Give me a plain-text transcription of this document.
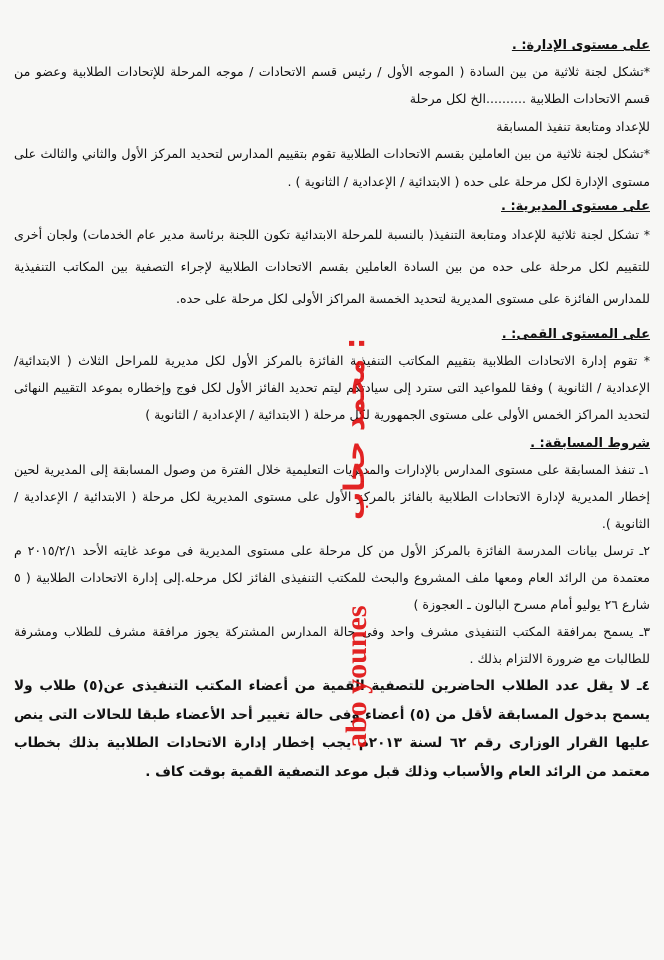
على مستوى الإدارة: .

*تشكل لجنة ثلاثية من بين السادة ( الموجه الأول / رئيس قسم الاتحادات / موجه المرحلة للإتحادات الطلابية وعضو من قسم الاتحادات الطلابية ..........الخ لكل مرحلة

للإعداد ومتابعة تنفيذ المسابقة

*تشكل لجنة ثلاثية من بين العاملين بقسم الاتحادات الطلابية تقوم بتقييم المدارس لتحديد المركز الأول والثاني والثالث على مستوى الإدارة لكل مرحلة على حده ( الابتدائية / الإعدادية / الثانوية ) .

على مستوى المديرية: .

* تشكل لجنة ثلاثية للإعداد ومتابعة التنفيذ( بالنسبة للمرحلة الابتدائية تكون اللجنة برئاسة مدير عام الخدمات) ولجان أخرى للتقييم لكل مرحلة على حده من بين السادة العاملين بقسم الاتحادات الطلابية لإجراء التصفية بين المكاتب التنفيذية للمدارس الفائزة على مستوى المديرية لتحديد الخمسة المراكز الأولى لكل مرحلة على حده.

على المستوى القمى: .

* تقوم إدارة الاتحادات الطلابية بتقييم المكاتب التنفيذية الفائزة بالمركز الأول لكل مديرية للمراحل الثلاث ( الابتدائية/الإعدادية / الثانوية ) وفقا للمواعيد التى سترد إلى سيادتكم ليتم تحديد الفائز الأول لكل فوج وإخطاره بموعد التقييم النهائى لتحديد المراكز الخمس الأولى على مستوى الجمهورية لكل مرحلة ( الابتدائية / الإعدادية / الثانوية )

شروط المسابقة: .

١ـ تنفذ المسابقة على مستوى المدارس بالإدارات والمديريات التعليمية خلال الفترة من وصول المسابقة إلى المديرية لحين إخطار المديرية لإدارة الاتحادات الطلابية بالفائز بالمركز الأول على مستوى المديرية لكل مرحلة ( الابتدائية / الإعدادية / الثانوية ).

٢ـ ترسل بيانات المدرسة الفائزة بالمركز الأول من كل مرحلة على مستوى المديرية فى موعد غايته الأحد ٢٠١٥/٢/١ م معتمدة من الرائد العام ومعها ملف المشروع والبحث للمكتب التنفيذى الفائز لكل مرحله.إلى إدارة الاتحادات الطلابية ( ٥ شارع ٢٦ يوليو أمام مسرح البالون ـ العجوزة )

٣ـ يسمح بمرافقة المكتب التنفيذى مشرف واحد وفى حالة المدارس المشتركة يجوز مرافقة مشرف للطلاب ومشرفة للطالبات مع ضرورة الالتزام بذلك .

٤ـ لا يقل عدد الطلاب الحاضرين للتصفية القمية من أعضاء المكتب التنفيذى عن(٥) طلاب ولا يسمح بدخول المسابقة لأقل من (٥) أعضاء وفى حالة تغيير أحد الأعضاء طبقا للحالات التى ينص عليها القرار الوزارى رقم ٦٢ لسنة ٢٠١٣م يجب إخطار إدارة الاتحادات الطلابية بذلك بخطاب معتمد من الرائد العام والأسباب وذلك قبل موعد التصفية القمية بوقت كاف .

abo younes
محمد حجاب :
